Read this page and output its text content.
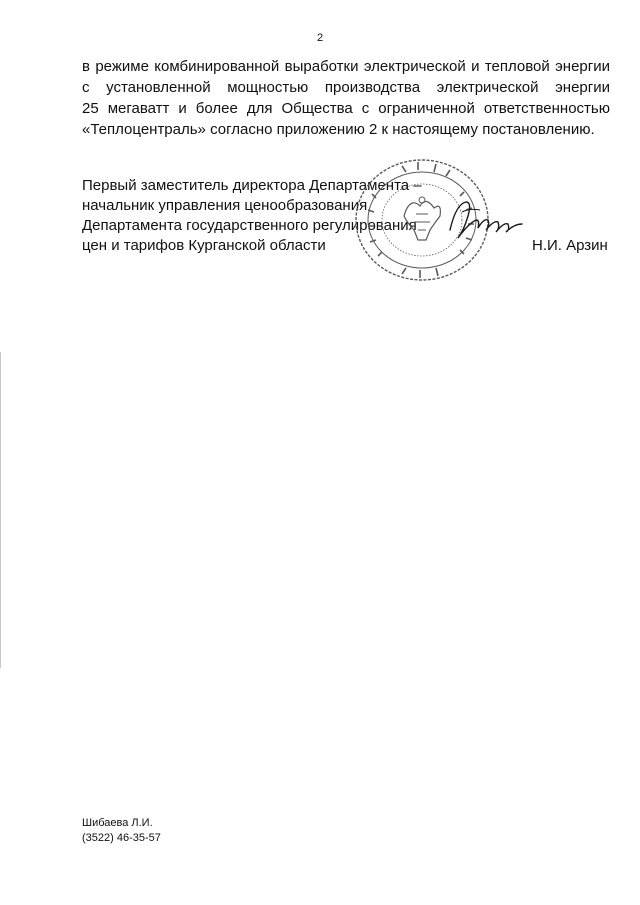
2
в режиме комбинированной выработки электрической и тепловой энергии
с установленной мощностью производства электрической энергии
25 мегаватт и более для Общества с ограниченной ответственностью
«Теплоцентраль» согласно приложению 2 к настоящему постановлению.
Первый заместитель директора Департамента –
начальник управления ценообразования
Департамента государственного регулирования
цен и тарифов Курганской области	Н.И. Арзин
Шибаева Л.И.
(3522) 46-35-57
